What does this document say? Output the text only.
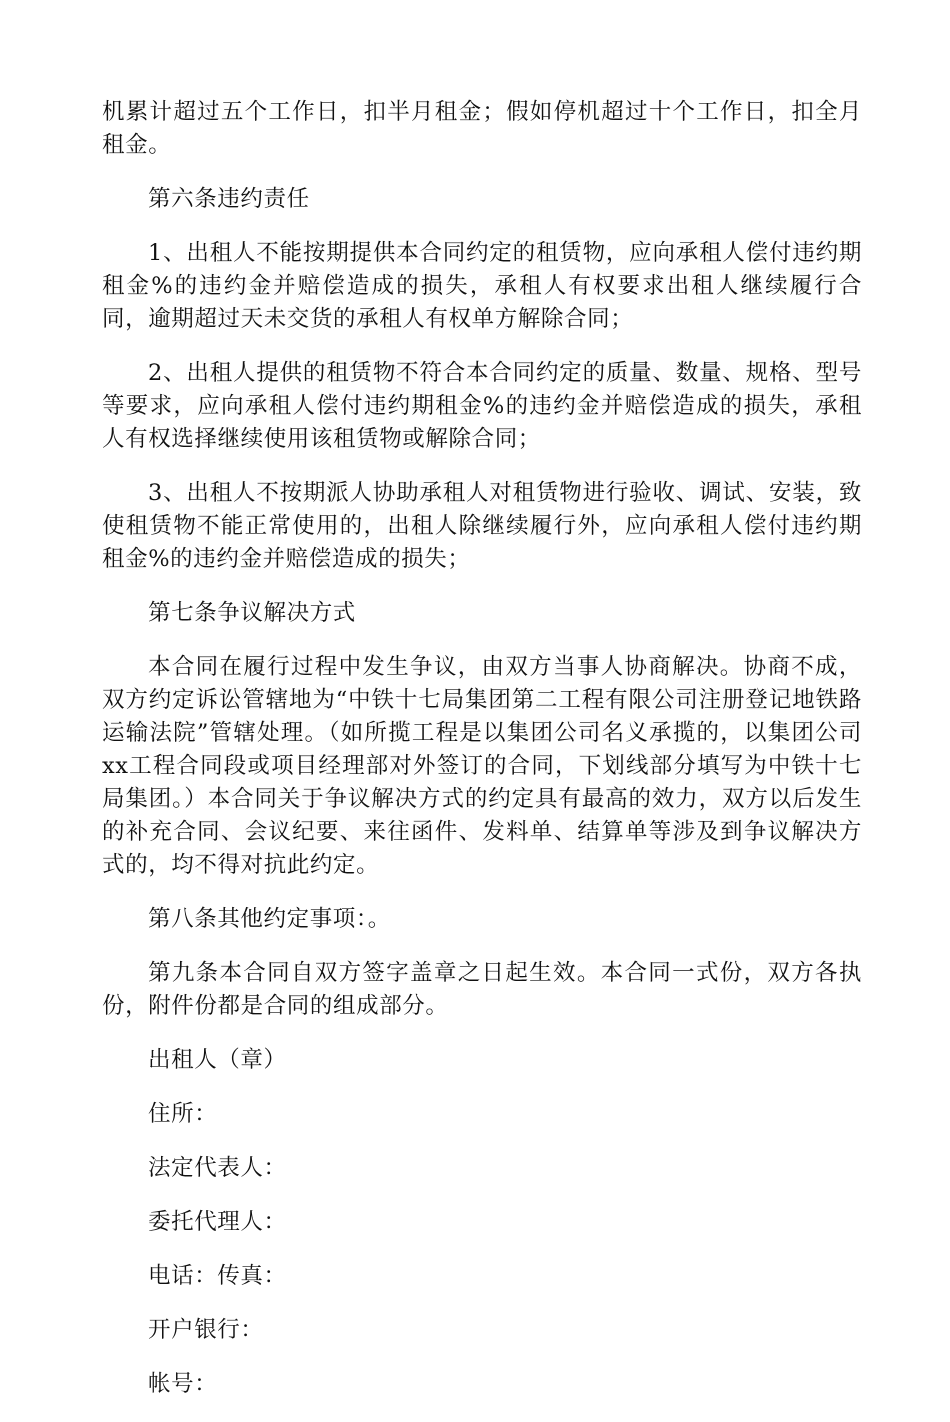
机累计超过五个工作日，扣半月租金；假如停机超过十个工作日，扣全月租金。

第六条违约责任

1、出租人不能按期提供本合同约定的租赁物，应向承租人偿付违约期租金%的违约金并赔偿造成的损失，承租人有权要求出租人继续履行合同，逾期超过天未交货的承租人有权单方解除合同；

2、出租人提供的租赁物不符合本合同约定的质量、数量、规格、型号等要求，应向承租人偿付违约期租金%的违约金并赔偿造成的损失，承租人有权选择继续使用该租赁物或解除合同；

3、出租人不按期派人协助承租人对租赁物进行验收、调试、安装，致使租赁物不能正常使用的，出租人除继续履行外，应向承租人偿付违约期租金%的违约金并赔偿造成的损失；

第七条争议解决方式

本合同在履行过程中发生争议，由双方当事人协商解决。协商不成，双方约定诉讼管辖地为“中铁十七局集团第二工程有限公司注册登记地铁路运输法院”管辖处理。（如所揽工程是以集团公司名义承揽的，以集团公司xx工程合同段或项目经理部对外签订的合同，下划线部分填写为中铁十七局集团。）本合同关于争议解决方式的约定具有最高的效力，双方以后发生的补充合同、会议纪要、来往函件、发料单、结算单等涉及到争议解决方式的，均不得对抗此约定。

第八条其他约定事项：。

第九条本合同自双方签字盖章之日起生效。本合同一式份，双方各执份，附件份都是合同的组成部分。

出租人（章）

住所：

法定代表人：

委托代理人：

电话：传真：

开户银行：

帐号：
